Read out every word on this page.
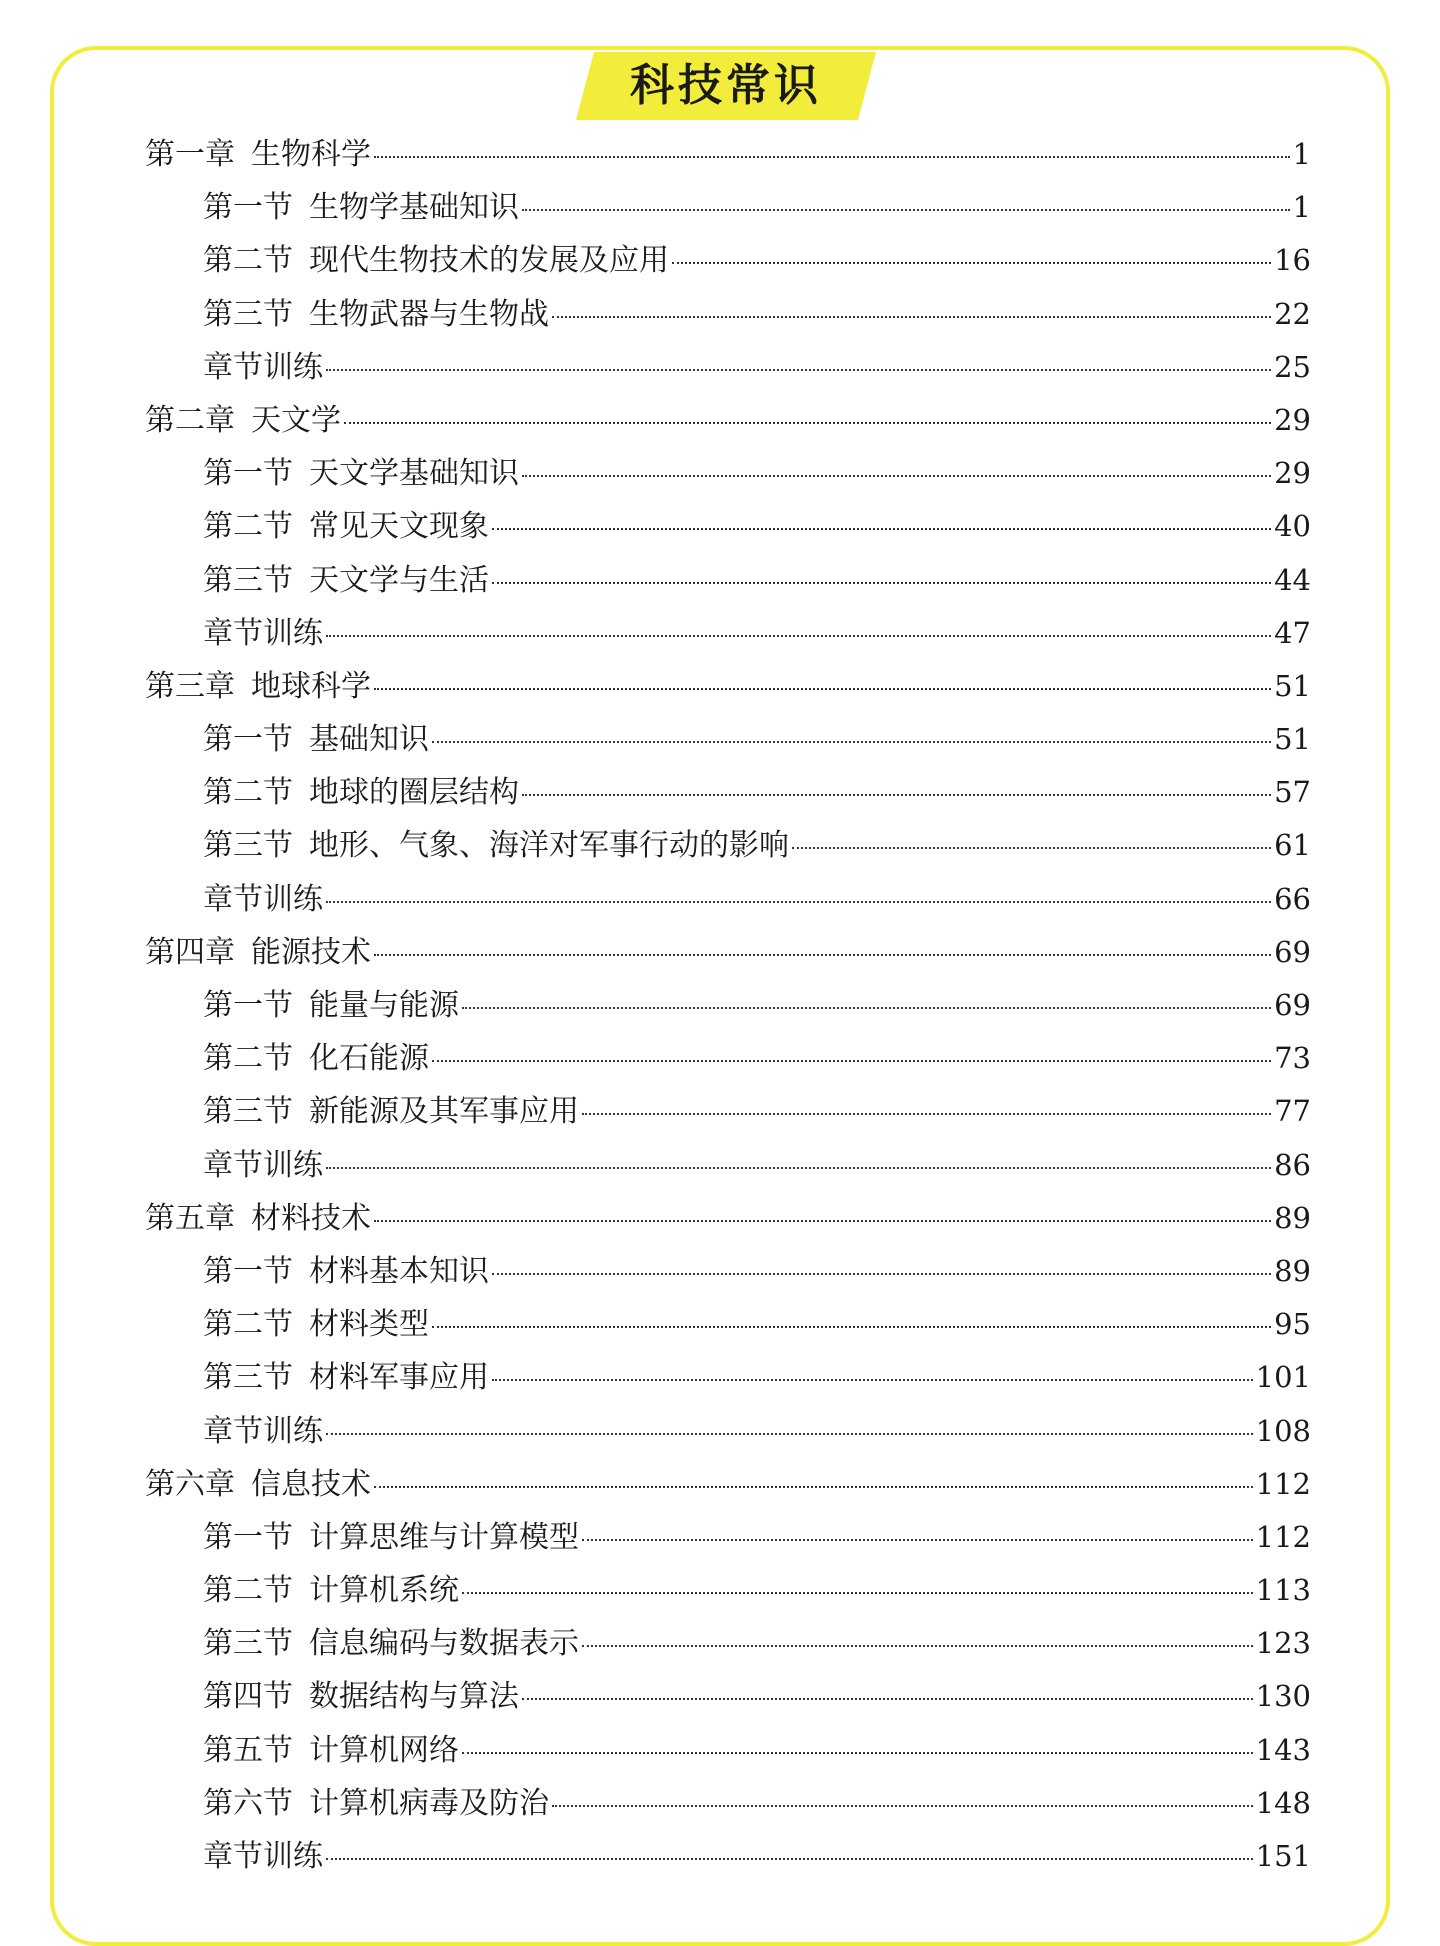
科技常识
第一章 生物科学	1
第一节 生物学基础知识	1
第二节 现代生物技术的发展及应用	16
第三节 生物武器与生物战	22
章节训练	25
第二章 天文学	29
第一节 天文学基础知识	29
第二节 常见天文现象	40
第三节 天文学与生活	44
章节训练	47
第三章 地球科学	51
第一节 基础知识	51
第二节 地球的圈层结构	57
第三节 地形、气象、海洋对军事行动的影响	61
章节训练	66
第四章 能源技术	69
第一节 能量与能源	69
第二节 化石能源	73
第三节 新能源及其军事应用	77
章节训练	86
第五章 材料技术	89
第一节 材料基本知识	89
第二节 材料类型	95
第三节 材料军事应用	101
章节训练	108
第六章 信息技术	112
第一节 计算思维与计算模型	112
第二节 计算机系统	113
第三节 信息编码与数据表示	123
第四节 数据结构与算法	130
第五节 计算机网络	143
第六节 计算机病毒及防治	148
章节训练	151
